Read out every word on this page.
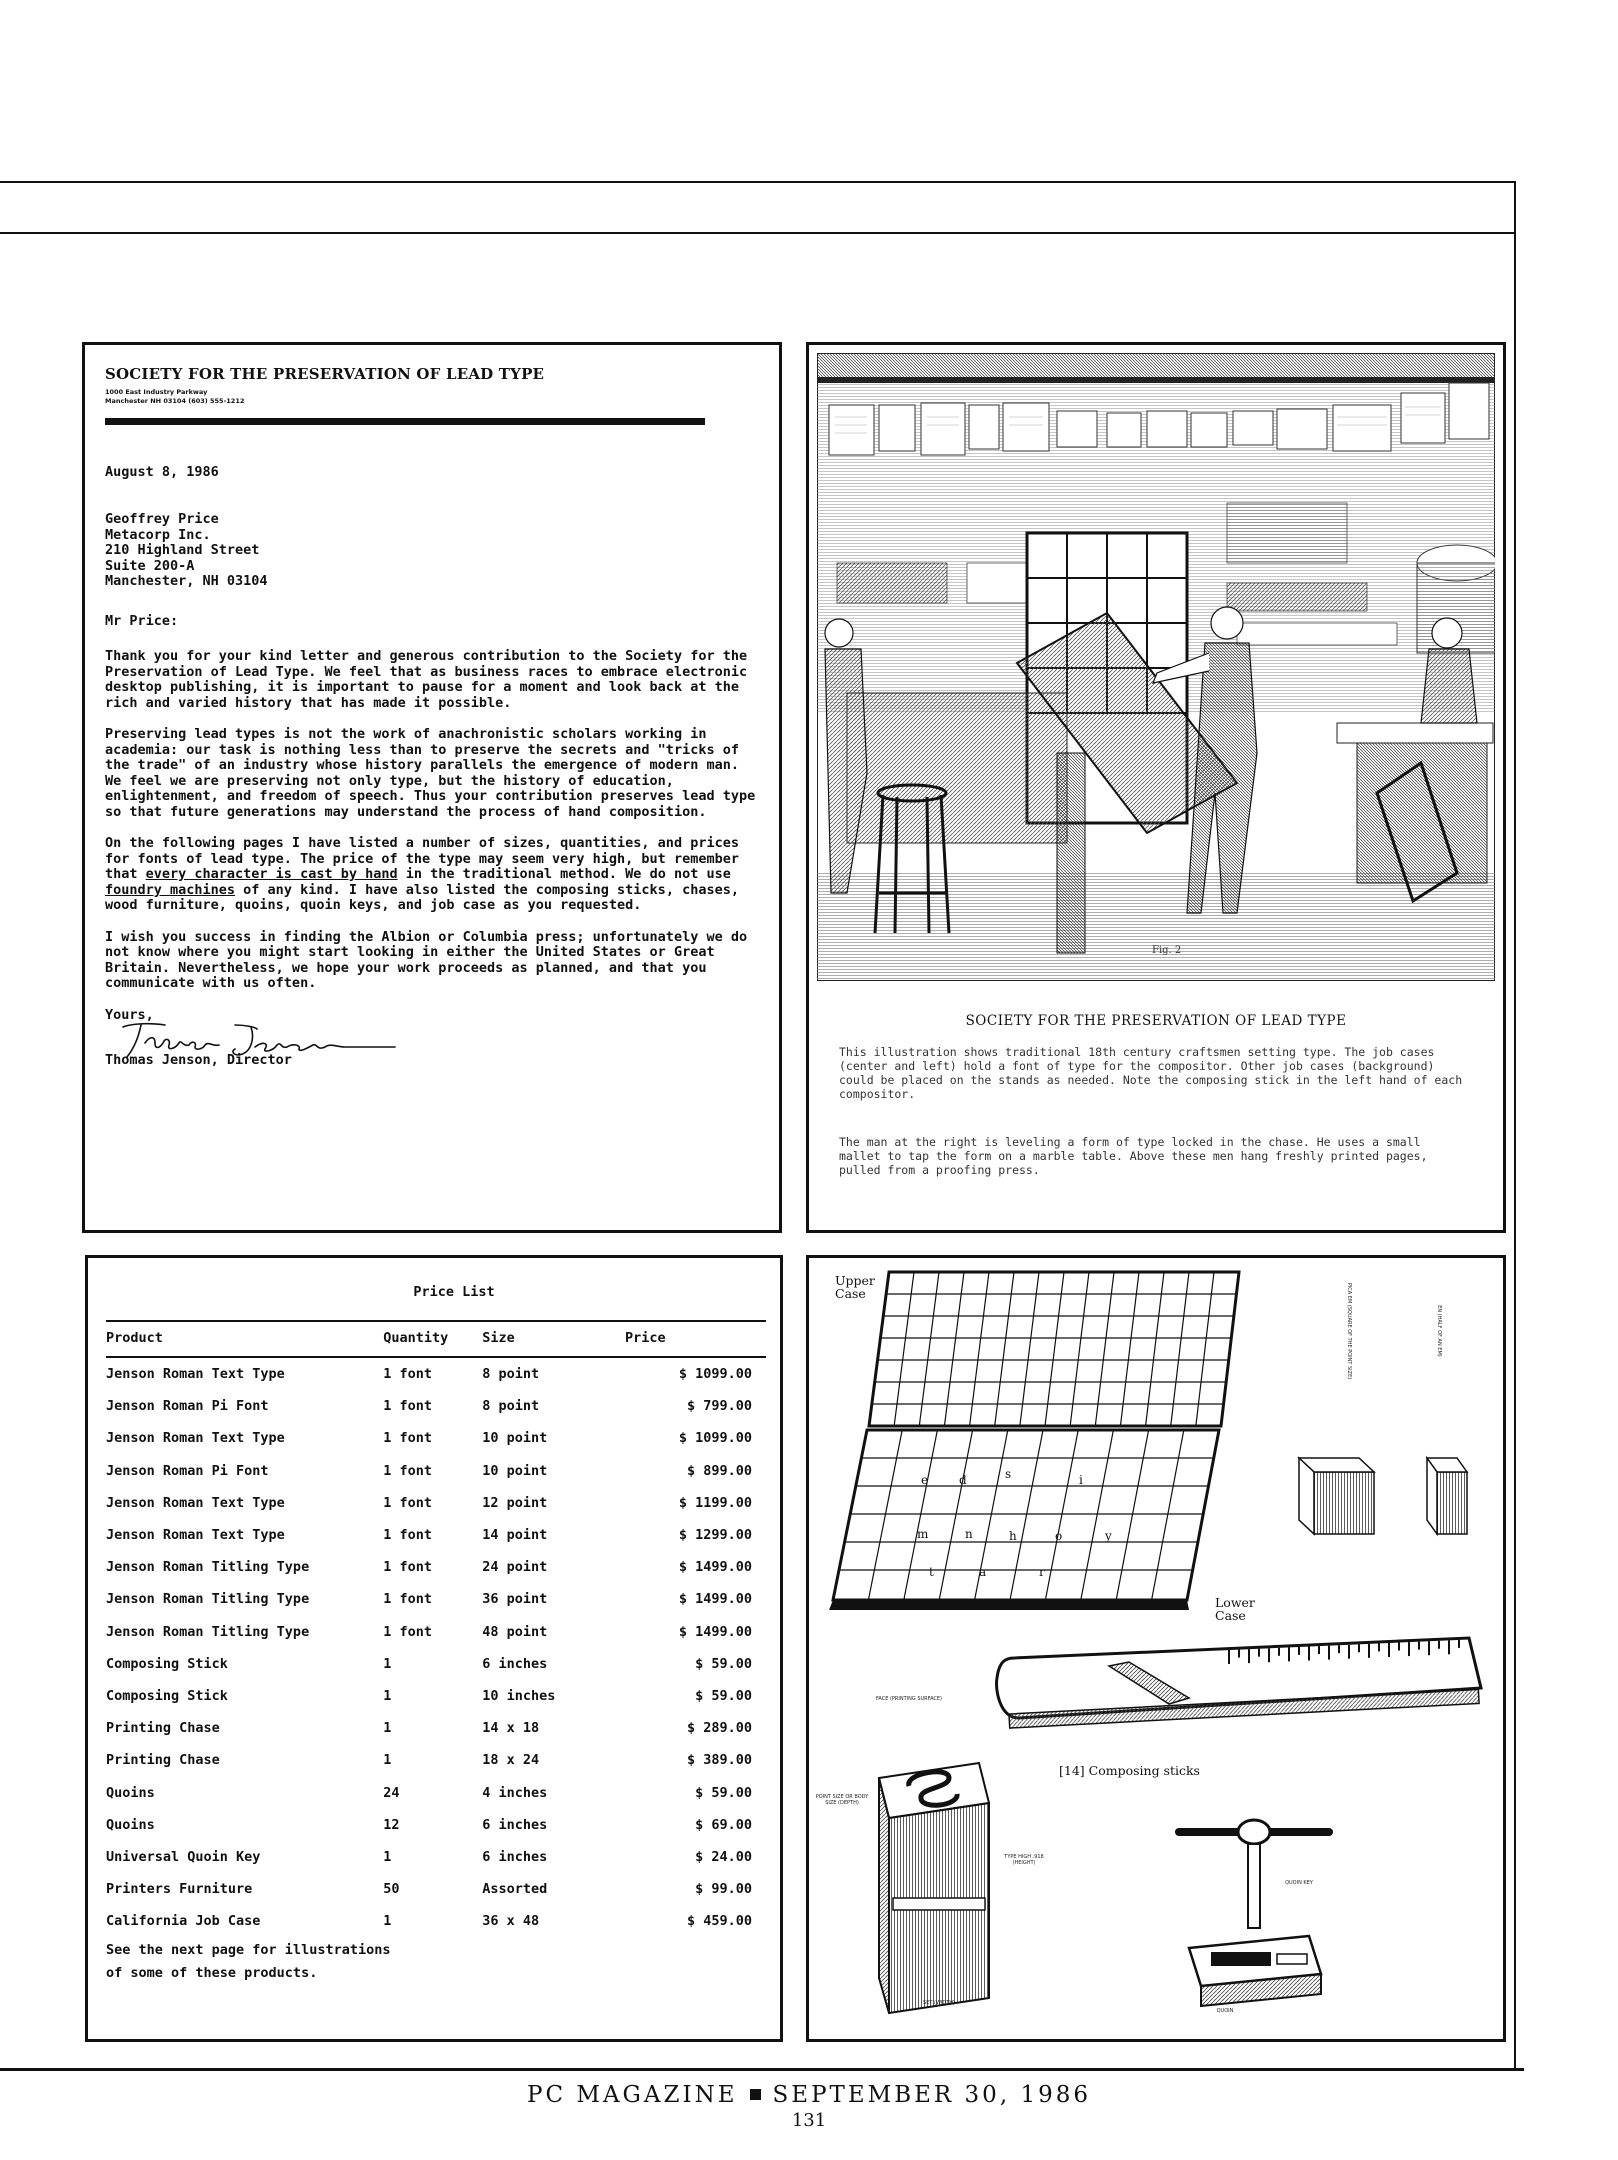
SOCIETY FOR THE PRESERVATION OF LEAD TYPE
1000 East Industry Parkway
Manchester NH 03104 (603) 555-1212

August 8, 1986

Geoffrey Price
Metacorp Inc.
210 Highland Street
Suite 200-A
Manchester, NH 03104

Mr Price:

Thank you for your kind letter and generous contribution to the Society for the Preservation of Lead Type. We feel that as business races to embrace electronic desktop publishing, it is important to pause for a moment and look back at the rich and varied history that has made it possible.

Preserving lead types is not the work of anachronistic scholars working in academia: our task is nothing less than to preserve the secrets and "tricks of the trade" of an industry whose history parallels the emergence of modern man. We feel we are preserving not only type, but the history of education, enlightenment, and freedom of speech. Thus your contribution preserves lead type so that future generations may understand the process of hand composition.

On the following pages I have listed a number of sizes, quantities, and prices for fonts of lead type. The price of the type may seem very high, but remember that every character is cast by hand in the traditional method. We do not use foundry machines of any kind. I have also listed the composing sticks, chases, wood furniture, quoins, quoin keys, and job case as you requested.

I wish you success in finding the Albion or Columbia press; unfortunately we do not know where you might start looking in either the United States or Great Britain. Nevertheless, we hope your work proceeds as planned, and that you communicate with us often.

Yours,

Thomas Jenson, Director

Fig. 2
SOCIETY FOR THE PRESERVATION OF LEAD TYPE
This illustration shows traditional 18th century craftsmen setting type. The job cases (center and left) hold a font of type for the compositor. Other job cases (background) could be placed on the stands as needed. Note the composing stick in the left hand of each compositor.
The man at the right is leveling a form of type locked in the chase. He uses a small mallet to tap the form on a marble table. Above these men hang freshly printed pages, pulled from a proofing press.
Price List
Product	Quantity	Size	Price
Jenson Roman Text Type	1 font	8 point	$ 1099.00
Jenson Roman Pi Font	1 font	8 point	$ 799.00
Jenson Roman Text Type	1 font	10 point	$ 1099.00
Jenson Roman Pi Font	1 font	10 point	$ 899.00
Jenson Roman Text Type	1 font	12 point	$ 1199.00
Jenson Roman Text Type	1 font	14 point	$ 1299.00
Jenson Roman Titling Type	1 font	24 point	$ 1499.00
Jenson Roman Titling Type	1 font	36 point	$ 1499.00
Jenson Roman Titling Type	1 font	48 point	$ 1499.00
Composing Stick	1	6 inches	$ 59.00
Composing Stick	1	10 inches	$ 59.00
Printing Chase	1	14 x 18	$ 289.00
Printing Chase	1	18 x 24	$ 389.00
Quoins	24	4 inches	$ 59.00
Quoins	12	6 inches	$ 69.00
Universal Quoin Key	1	6 inches	$ 24.00
Printers Furniture	50	Assorted	$ 99.00
California Job Case	1	36 x 48	$ 459.00
See the next page for illustrations
of some of these products.
e	d	s	i
m	n	h	o	y
t	a	r
Upper Case
Lower Case
[14] Composing sticks
FACE (PRINTING SURFACE)
POINT SIZE OR BODY SIZE (DEPTH)
TYPE HIGH .918 (HEIGHT)
SET (WIDTH)
QUOIN KEY
QUOIN
PICA EM (SQUARE OF THE POINT SIZE)	EN (HALF OF AN EM)
PC MAGAZINE SEPTEMBER 30, 1986
131
